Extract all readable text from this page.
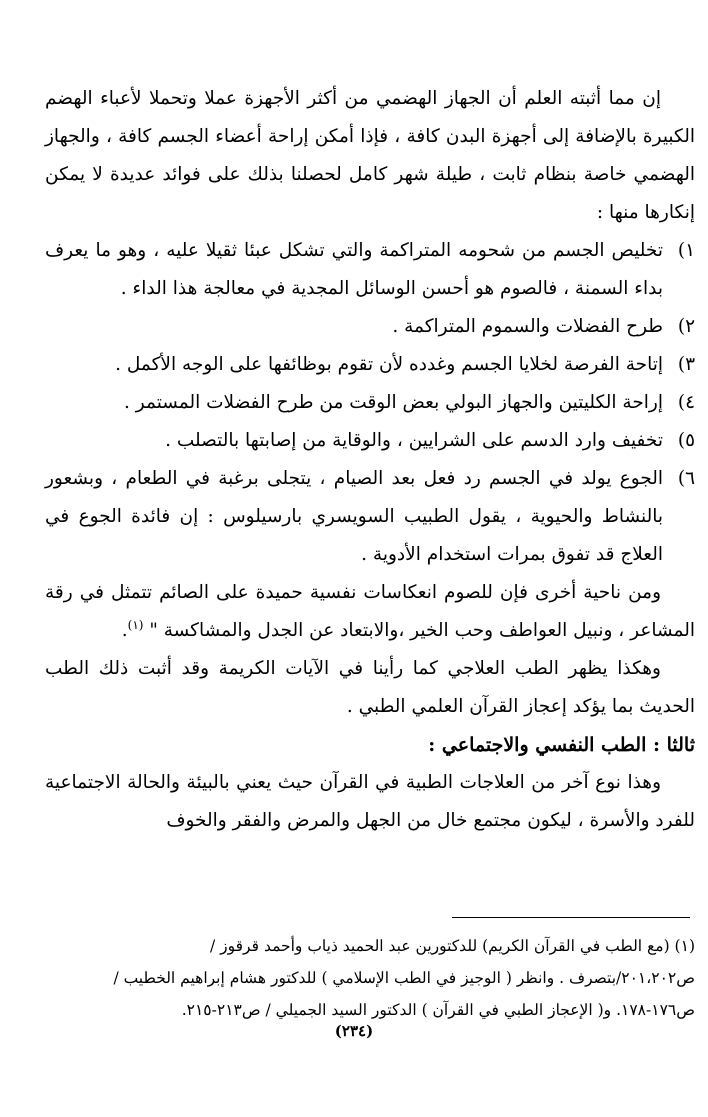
إن مما أثبته العلم أن الجهاز الهضمي من أكثر الأجهزة عملا وتحملا لأعباء الهضم الكبيرة بالإضافة إلى أجهزة البدن كافة ، فإذا أمكن إراحة أعضاء الجسم كافة ، والجهاز الهضمي خاصة بنظام ثابت ، طيلة شهر كامل لحصلنا بذلك على فوائد عديدة لا يمكن إنكارها منها :

١)
تخليص الجسم من شحومه المتراكمة والتي تشكل عبئا ثقيلا عليه ، وهو ما يعرف بداء السمنة ، فالصوم هو أحسن الوسائل المجدية في معالجة هذا الداء .
٢)
طرح الفضلات والسموم المتراكمة .
٣)
إتاحة الفرصة لخلايا الجسم وغدده لأن تقوم بوظائفها على الوجه الأكمل .
٤)
إراحة الكليتين والجهاز البولي بعض الوقت من طرح الفضلات المستمر .
٥)
تخفيف وارد الدسم على الشرايين ، والوقاية من إصابتها بالتصلب .
٦)
الجوع يولد في الجسم رد فعل بعد الصيام ، يتجلى برغبة في الطعام ، وبشعور بالنشاط والحيوية ، يقول الطبيب السويسري بارسيلوس : إن فائدة الجوع في العلاج قد تفوق بمرات استخدام الأدوية .

ومن ناحية أخرى فإن للصوم انعكاسات نفسية حميدة على الصائم تتمثل في رقة المشاعر ، ونبيل العواطف وحب الخير ،والابتعاد عن الجدل والمشاكسة " $^{(١)}$.

وهكذا يظهر الطب العلاجي كما رأينا في الآيات الكريمة وقد أثبت ذلك الطب الحديث بما يؤكد إعجاز القرآن العلمي الطبي .

ثالثا : الطب النفسي والاجتماعي :

وهذا نوع آخر من العلاجات الطبية في القرآن حيث يعني بالبيئة والحالة الاجتماعية للفرد والأسرة ، ليكون مجتمع خال من الجهل والمرض والفقر والخوف

(١) (مع الطب في القرآن الكريم) للدكتورين عبد الحميد ذياب وأحمد قرقوز /
ص٢٠١،٢٠٢/بتصرف . وانظر ( الوجيز في الطب الإسلامي ) للدكتور هشام إبراهيم الخطيب /
ص١٧٦-١٧٨. و( الإعجاز الطبي في القرآن ) الدكتور السيد الجميلي / ص٢١٣-٢١٥.
(٢٣٤)
